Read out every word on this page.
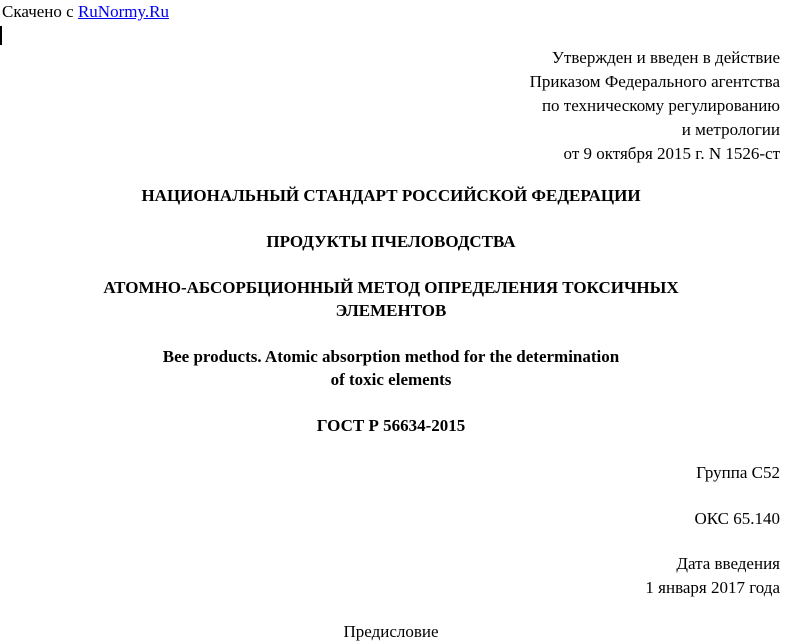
Скачено с RuNormy.Ru
Утвержден и введен в действие
Приказом Федерального агентства
по техническому регулированию
и метрологии
от 9 октября 2015 г. N 1526-ст
НАЦИОНАЛЬНЫЙ СТАНДАРТ РОССИЙСКОЙ ФЕДЕРАЦИИ
ПРОДУКТЫ ПЧЕЛОВОДСТВА
АТОМНО-АБСОРБЦИОННЫЙ МЕТОД ОПРЕДЕЛЕНИЯ ТОКСИЧНЫХ
ЭЛЕМЕНТОВ
Bee products. Atomic absorption method for the determination
of toxic elements
ГОСТ Р 56634-2015
Группа С52
ОКС 65.140
Дата введения
1 января 2017 года
Предисловие
